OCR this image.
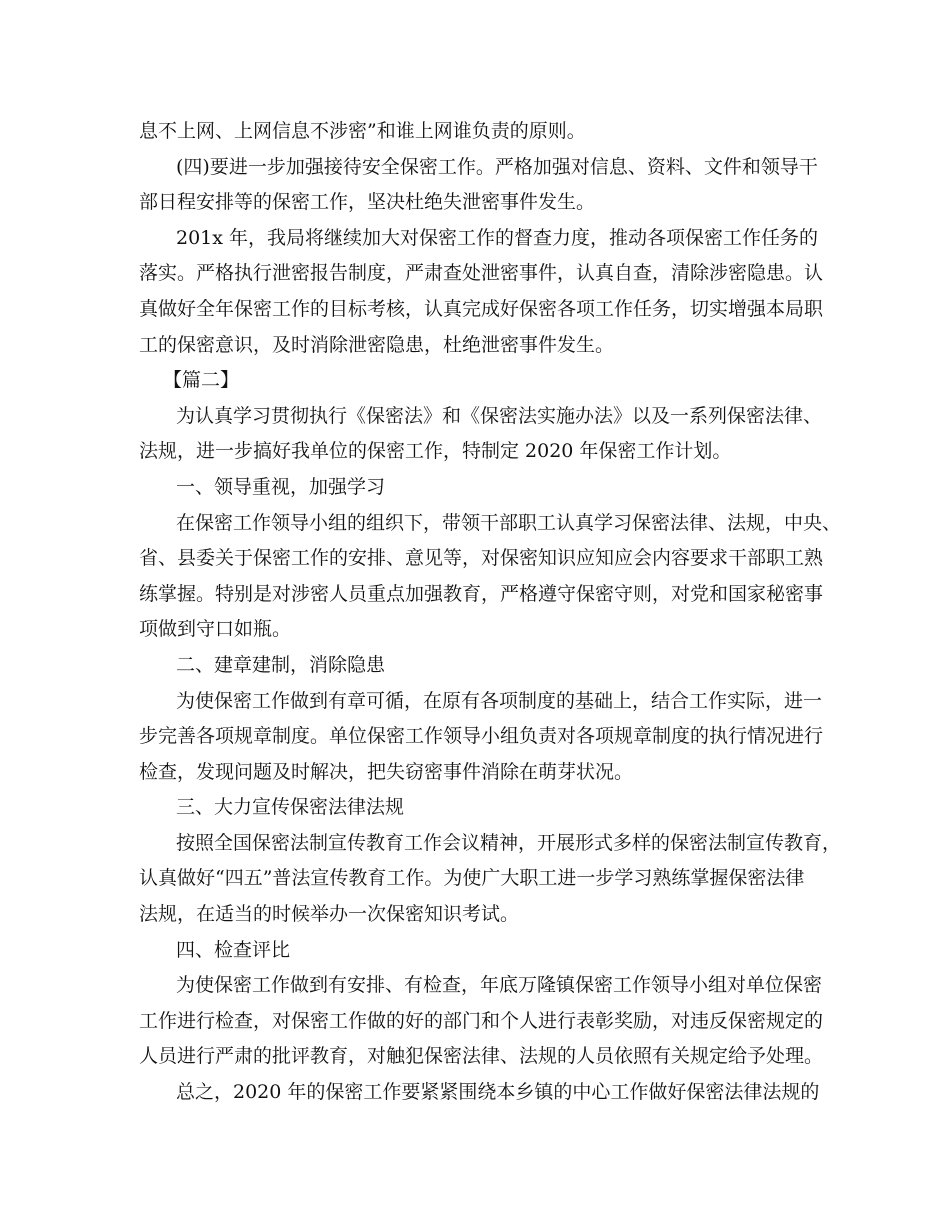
息不上网、上网信息不涉密”和谁上网谁负责的原则。
(四)要进一步加强接待安全保密工作。严格加强对信息、资料、文件和领导干
部日程安排等的保密工作，坚决杜绝失泄密事件发生。
201x 年，我局将继续加大对保密工作的督查力度，推动各项保密工作任务的
落实。严格执行泄密报告制度，严肃查处泄密事件，认真自查，清除涉密隐患。认
真做好全年保密工作的目标考核，认真完成好保密各项工作任务，切实增强本局职
工的保密意识，及时消除泄密隐患，杜绝泄密事件发生。
【篇二】
为认真学习贯彻执行《保密法》和《保密法实施办法》以及一系列保密法律、
法规，进一步搞好我单位的保密工作，特制定 2020 年保密工作计划。
一、领导重视，加强学习
在保密工作领导小组的组织下，带领干部职工认真学习保密法律、法规，中央、
省、县委关于保密工作的安排、意见等，对保密知识应知应会内容要求干部职工熟
练掌握。特别是对涉密人员重点加强教育，严格遵守保密守则，对党和国家秘密事
项做到守口如瓶。
二、建章建制，消除隐患
为使保密工作做到有章可循，在原有各项制度的基础上，结合工作实际，进一
步完善各项规章制度。单位保密工作领导小组负责对各项规章制度的执行情况进行
检查，发现问题及时解决，把失窃密事件消除在萌芽状况。
三、大力宣传保密法律法规
按照全国保密法制宣传教育工作会议精神，开展形式多样的保密法制宣传教育，
认真做好“四五”普法宣传教育工作。为使广大职工进一步学习熟练掌握保密法律
法规，在适当的时候举办一次保密知识考试。
四、检查评比
为使保密工作做到有安排、有检查，年底万隆镇保密工作领导小组对单位保密
工作进行检查，对保密工作做的好的部门和个人进行表彰奖励，对违反保密规定的
人员进行严肃的批评教育，对触犯保密法律、法规的人员依照有关规定给予处理。
总之，2020 年的保密工作要紧紧围绕本乡镇的中心工作做好保密法律法规的
